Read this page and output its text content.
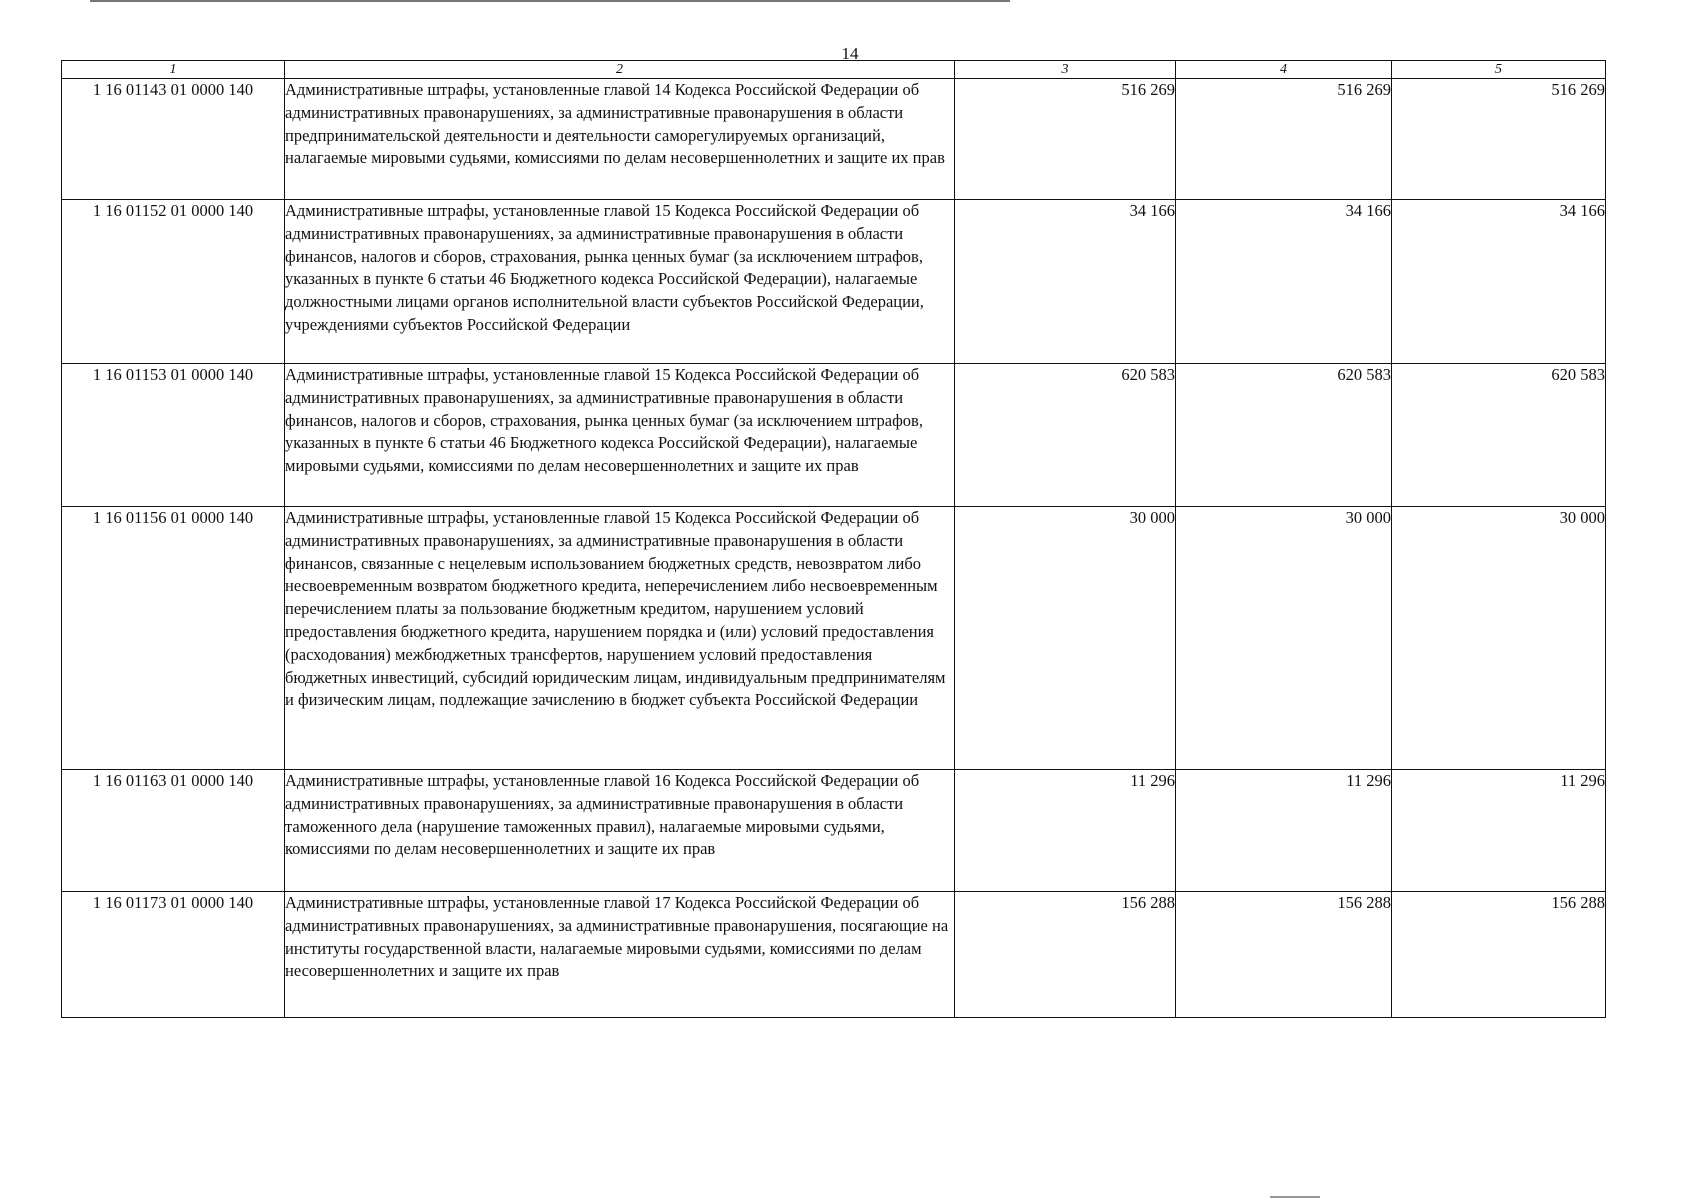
14
1	2	3	4	5
1 16 01143 01 0000 140	Административные штрафы, установленные главой 14 Кодекса Российской Федерации об административных правонарушениях, за административные правонарушения в области предпринимательской деятельности и деятельности саморегулируемых организаций, налагаемые мировыми судьями, комиссиями по делам несовершеннолетних и защите их прав	516 269	516 269	516 269
1 16 01152 01 0000 140	Административные штрафы, установленные главой 15 Кодекса Российской Федерации об административных правонарушениях, за административные правонарушения в области финансов, налогов и сборов, страхования, рынка ценных бумаг (за исключением штрафов, указанных в пункте 6 статьи 46 Бюджетного кодекса Российской Федерации), налагаемые должностными лицами органов исполнительной власти субъектов Российской Федерации, учреждениями субъектов Российской Федерации	34 166	34 166	34 166
1 16 01153 01 0000 140	Административные штрафы, установленные главой 15 Кодекса Российской Федерации об административных правонарушениях, за административные правонарушения в области финансов, налогов и сборов, страхования, рынка ценных бумаг (за исключением штрафов, указанных в пункте 6 статьи 46 Бюджетного кодекса Российской Федерации), налагаемые мировыми судьями, комиссиями по делам несовершеннолетних и защите их прав	620 583	620 583	620 583
1 16 01156 01 0000 140	Административные штрафы, установленные главой 15 Кодекса Российской Федерации об административных правонарушениях, за административные правонарушения в области финансов, связанные с нецелевым использованием бюджетных средств, невозвратом либо несвоевременным возвратом бюджетного кредита, неперечислением либо несвоевременным перечислением платы за пользование бюджетным кредитом, нарушением условий предоставления бюджетного кредита, нарушением порядка и (или) условий предоставления (расходования) межбюджетных трансфертов, нарушением условий предоставления бюджетных инвестиций, субсидий юридическим лицам, индивидуальным предпринимателям и физическим лицам, подлежащие зачислению в бюджет субъекта Российской Федерации	30 000	30 000	30 000
1 16 01163 01 0000 140	Административные штрафы, установленные главой 16 Кодекса Российской Федерации об административных правонарушениях, за административные правонарушения в области таможенного дела (нарушение таможенных правил), налагаемые мировыми судьями, комиссиями по делам несовершеннолетних и защите их прав	11 296	11 296	11 296
1 16 01173 01 0000 140	Административные штрафы, установленные главой 17 Кодекса Российской Федерации об административных правонарушениях, за административные правонарушения, посягающие на институты государственной власти, налагаемые мировыми судьями, комиссиями по делам несовершеннолетних и защите их прав	156 288	156 288	156 288
